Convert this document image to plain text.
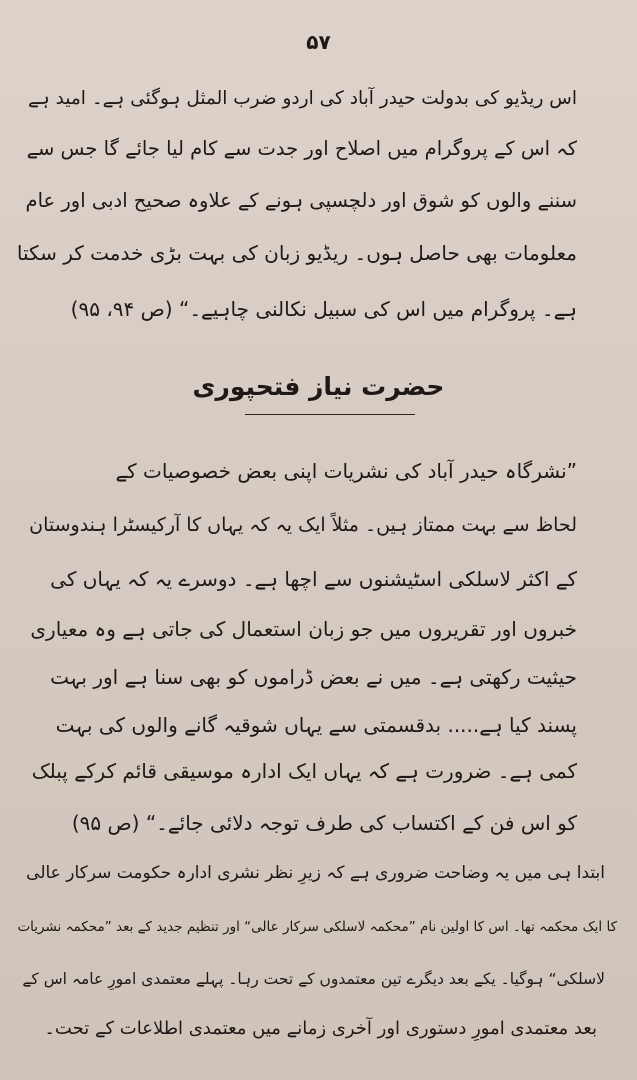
۵۷
اس ریڈیو کی بدولت حیدر آباد کی اردو ضرب المثل ہوگئی ہے۔ امید ہے
کہ اس کے پروگرام میں اصلاح اور جدت سے کام لیا جائے گا جس سے
سننے والوں کو شوق اور دلچسپی ہونے کے علاوہ صحیح ادبی اور عام
معلومات بھی حاصل ہوں۔ ریڈیو زبان کی بہت بڑی خدمت کر سکتا
ہے۔ پروگرام میں اس کی سبیل نکالنی چاہیے۔“ (ص ۹۴، ۹۵)
حضرت نیاز فتحپوری
”نشرگاہ حیدر آباد کی نشریات اپنی بعض خصوصیات کے
لحاظ سے بہت ممتاز ہیں۔ مثلاً ایک یہ کہ یہاں کا آرکیسٹرا ہندوستان
کے اکثر لاسلکی اسٹیشنوں سے اچھا ہے۔ دوسرے یہ کہ یہاں کی
خبروں اور تقریروں میں جو زبان استعمال کی جاتی ہے وہ معیاری
حیثیت رکھتی ہے۔ میں نے بعض ڈراموں کو بھی سنا ہے اور بہت
پسند کیا ہے..... بدقسمتی سے یہاں شوقیہ گانے والوں کی بہت
کمی ہے۔ ضرورت ہے کہ یہاں ایک ادارہ موسیقی قائم کرکے پبلک
کو اس فن کے اکتساب کی طرف توجہ دلائی جائے۔“ (ص ۹۵)
ابتدا ہی میں یہ وضاحت ضروری ہے کہ زیرِ نظر نشری ادارہ حکومت سرکار عالی
کا ایک محکمہ تھا۔ اس کا اولین نام ”محکمہ لاسلکی سرکار عالی“ اور تنظیم جدید کے بعد ”محکمہ نشریات
لاسلکی“ ہوگیا۔ یکے بعد دیگرے تین معتمدوں کے تحت رہا۔ پہلے معتمدی امورِ عامہ اس کے
بعد معتمدی امورِ دستوری اور آخری زمانے میں معتمدی اطلاعات کے تحت۔
